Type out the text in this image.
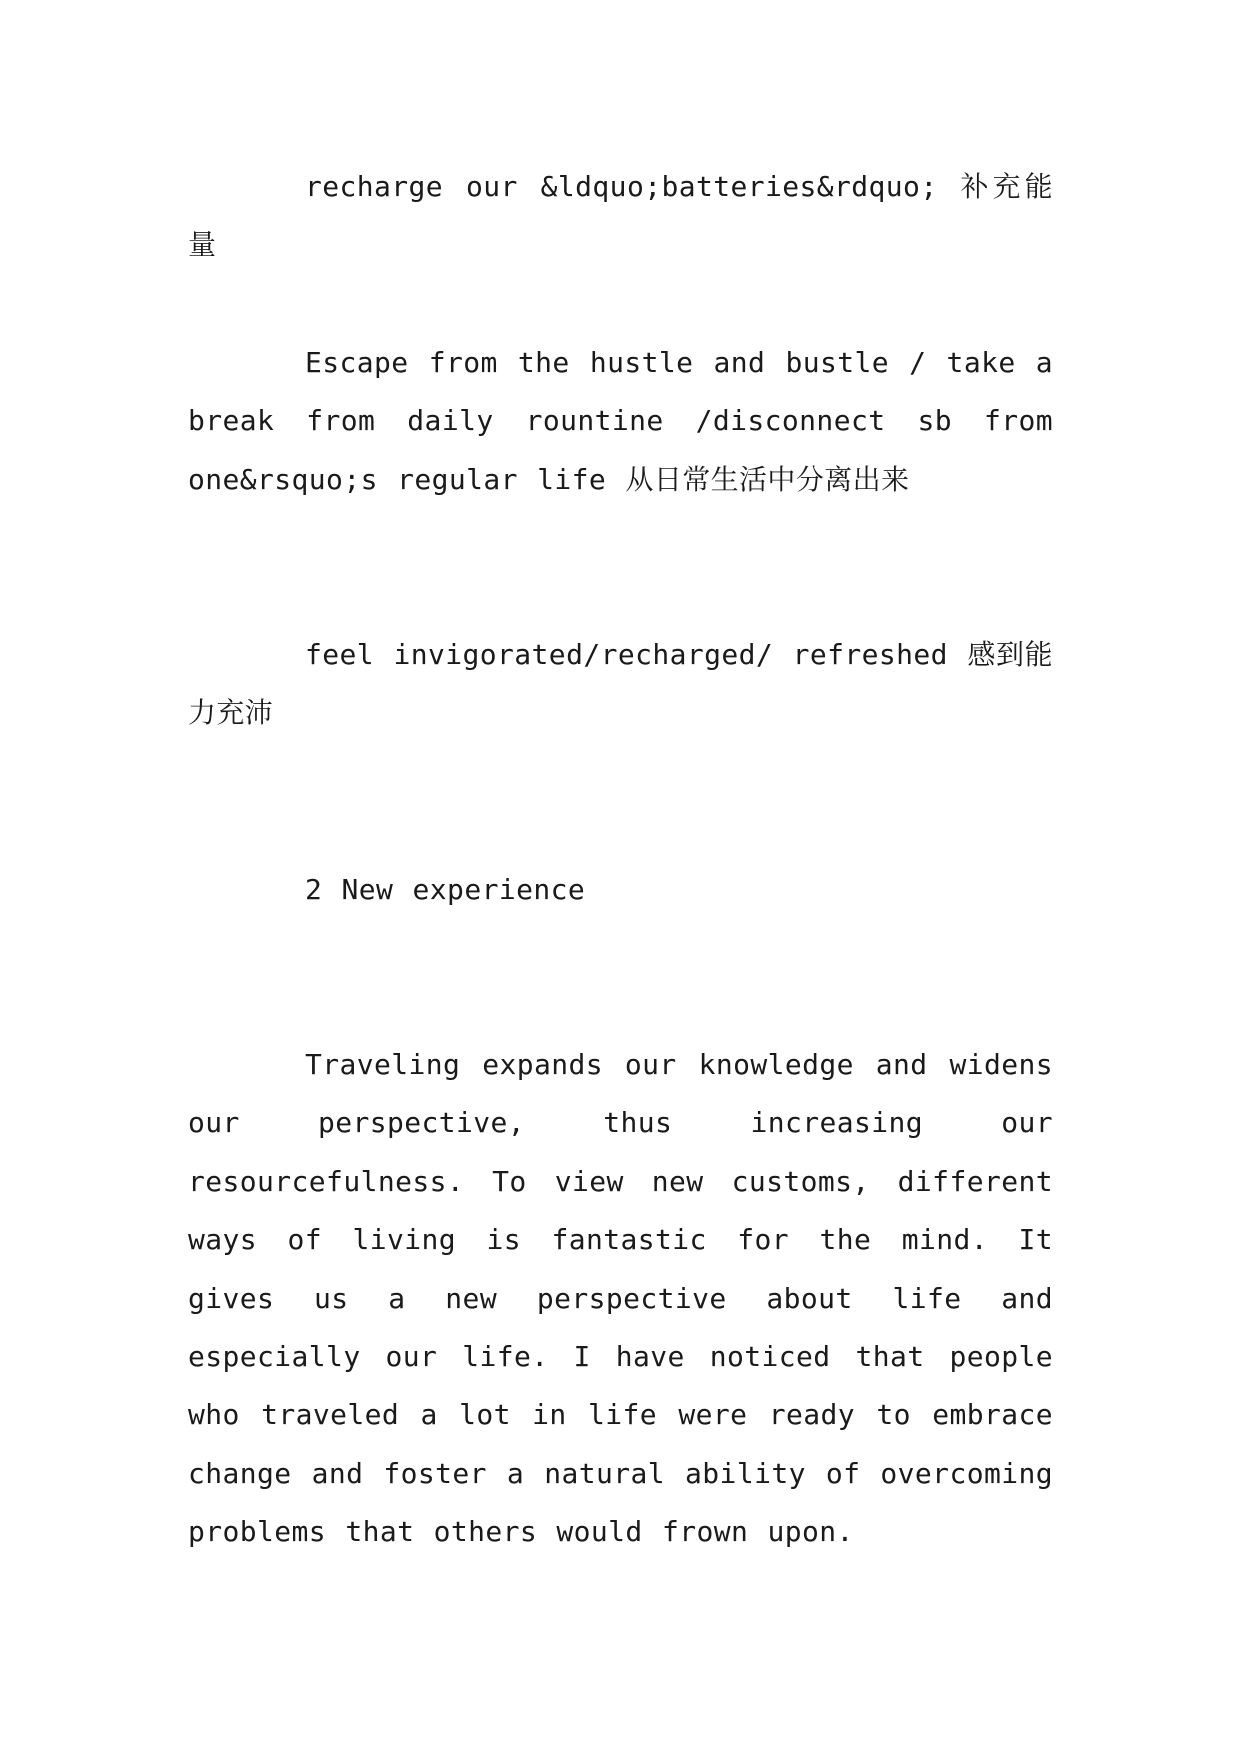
recharge our &ldquo;batteries&rdquo; 补充能量

Escape from the hustle and bustle / take a break from daily rountine /disconnect sb from one&rsquo;s regular life 从日常生活中分离出来

feel invigorated/recharged/ refreshed 感到能力充沛

2 New experience

Traveling expands our knowledge and widens our perspective, thus increasing our resourcefulness. To view new customs, different ways of living is fantastic for the mind. It gives us a new perspective about life and especially our life. I have noticed that people who traveled a lot in life were ready to embrace change and foster a natural ability of overcoming problems that others would frown upon.
